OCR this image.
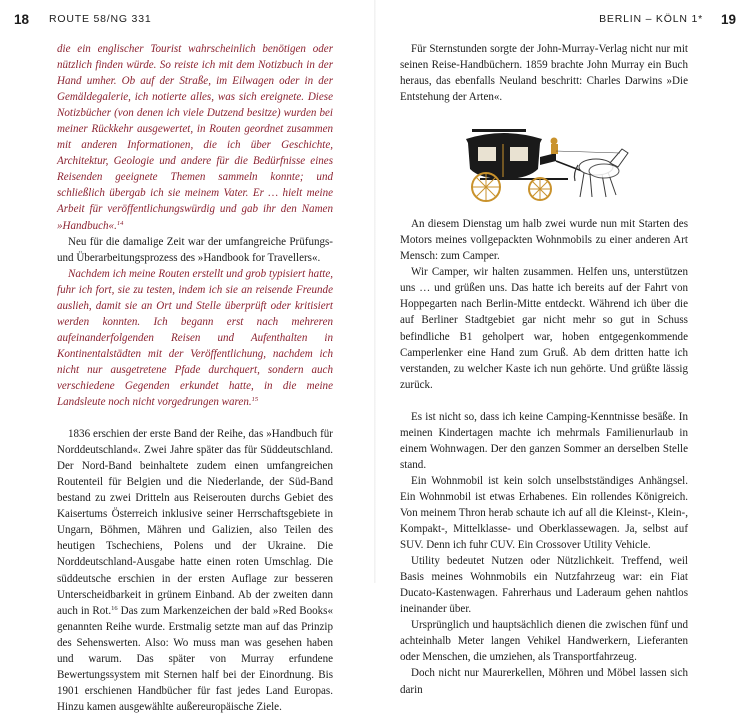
18 ROUTE 58/NG 331

die ein englischer Tourist wahrscheinlich benötigen oder nützlich finden würde. So reiste ich mit dem Notizbuch in der Hand umher. Ob auf der Straße, im Eilwagen oder in der Gemäldegalerie, ich notierte alles, was sich ereignete. Diese Notizbücher (von denen ich viele Dutzend besitze) wurden bei meiner Rückkehr ausgewertet, in Routen geordnet zusammen mit anderen Informationen, die ich über Geschichte, Architektur, Geologie und andere für die Bedürfnisse eines Reisenden geeignete Themen sammeln konnte; und schließlich übergab ich sie meinem Vater. Er … hielt meine Arbeit für veröffentlichungswürdig und gab ihr den Namen »Handbuch«.$^{14}$

Neu für die damalige Zeit war der umfangreiche Prüfungs- und Überarbeitungsprozess des »Handbook for Travellers«.

Nachdem ich meine Routen erstellt und grob typisiert hatte, fuhr ich fort, sie zu testen, indem ich sie an reisende Freunde auslieh, damit sie an Ort und Stelle überprüft oder kritisiert werden konnten. Ich begann erst nach mehreren aufeinanderfolgenden Reisen und Aufenthalten in Kontinentalstädten mit der Veröffentlichung, nachdem ich nicht nur ausgetretene Pfade durchquert, sondern auch verschiedene Gegenden erkundet hatte, in die meine Landsleute noch nicht vorgedrungen waren.$^{15}$

1836 erschien der erste Band der Reihe, das »Handbuch für Norddeutschland«. Zwei Jahre später das für Süddeutschland. Der Nord-Band beinhaltete zudem einen umfangreichen Routenteil für Belgien und die Niederlande, der Süd-Band bestand zu zwei Dritteln aus Reiserouten durchs Gebiet des Kaisertums Österreich inklusive seiner Herrschaftsgebiete in Ungarn, Böhmen, Mähren und Galizien, also Teilen des heutigen Tschechiens, Polens und der Ukraine. Die Norddeutschland-Ausgabe hatte einen roten Umschlag. Die süddeutsche erschien in der ersten Auflage zur besseren Unterscheidbarkeit in grünem Einband. Ab der zweiten dann auch in Rot.$^{16}$ Das zum Markenzeichen der bald »Red Books« genannten Reihe wurde. Erstmalig setzte man auf das Prinzip des Sehenswerten. Also: Wo muss man was gesehen haben und warum. Das später von Murray erfundene Bewertungssystem mit Sternen half bei der Einordnung. Bis 1901 erschienen Handbücher für fast jedes Land Europas. Hinzu kamen ausgewählte außereuropäische Ziele.

BERLIN – KÖLN 1* 19

Für Sternstunden sorgte der John-Murray-Verlag nicht nur mit seinen Reise-Handbüchern. 1859 brachte John Murray ein Buch heraus, das ebenfalls Neuland beschritt: Charles Darwins »Die Entstehung der Arten«.

An diesem Dienstag um halb zwei wurde nun mit Starten des Motors meines vollgepackten Wohnmobils zu einer anderen Art Mensch: zum Camper.

Wir Camper, wir halten zusammen. Helfen uns, unterstützen uns … und grüßen uns. Das hatte ich bereits auf der Fahrt von Hoppegarten nach Berlin-Mitte entdeckt. Während ich über die auf Berliner Stadtgebiet gar nicht mehr so gut in Schuss befindliche B1 geholpert war, hoben entgegenkommende Camperlenker eine Hand zum Gruß. Ab dem dritten hatte ich verstanden, zu welcher Kaste ich nun gehörte. Und grüßte lässig zurück.

Es ist nicht so, dass ich keine Camping-Kenntnisse besäße. In meinen Kindertagen machte ich mehrmals Familienurlaub in einem Wohnwagen. Der den ganzen Sommer an derselben Stelle stand.

Ein Wohnmobil ist kein solch unselbstständiges Anhängsel. Ein Wohnmobil ist etwas Erhabenes. Ein rollendes Königreich. Von meinem Thron herab schaute ich auf all die Kleinst-, Klein-, Kompakt-, Mittelklasse- und Oberklassewagen. Ja, selbst auf SUV. Denn ich fuhr CUV. Ein Crossover Utility Vehicle.

Utility bedeutet Nutzen oder Nützlichkeit. Treffend, weil Basis meines Wohnmobils ein Nutzfahrzeug war: ein Fiat Ducato-Kastenwagen. Fahrerhaus und Laderaum gehen nahtlos ineinander über.

Ursprünglich und hauptsächlich dienen die zwischen fünf und achteinhalb Meter langen Vehikel Handwerkern, Lieferanten oder Menschen, die umziehen, als Transportfahrzeug.

Doch nicht nur Maurerkellen, Möhren und Möbel lassen sich darin
